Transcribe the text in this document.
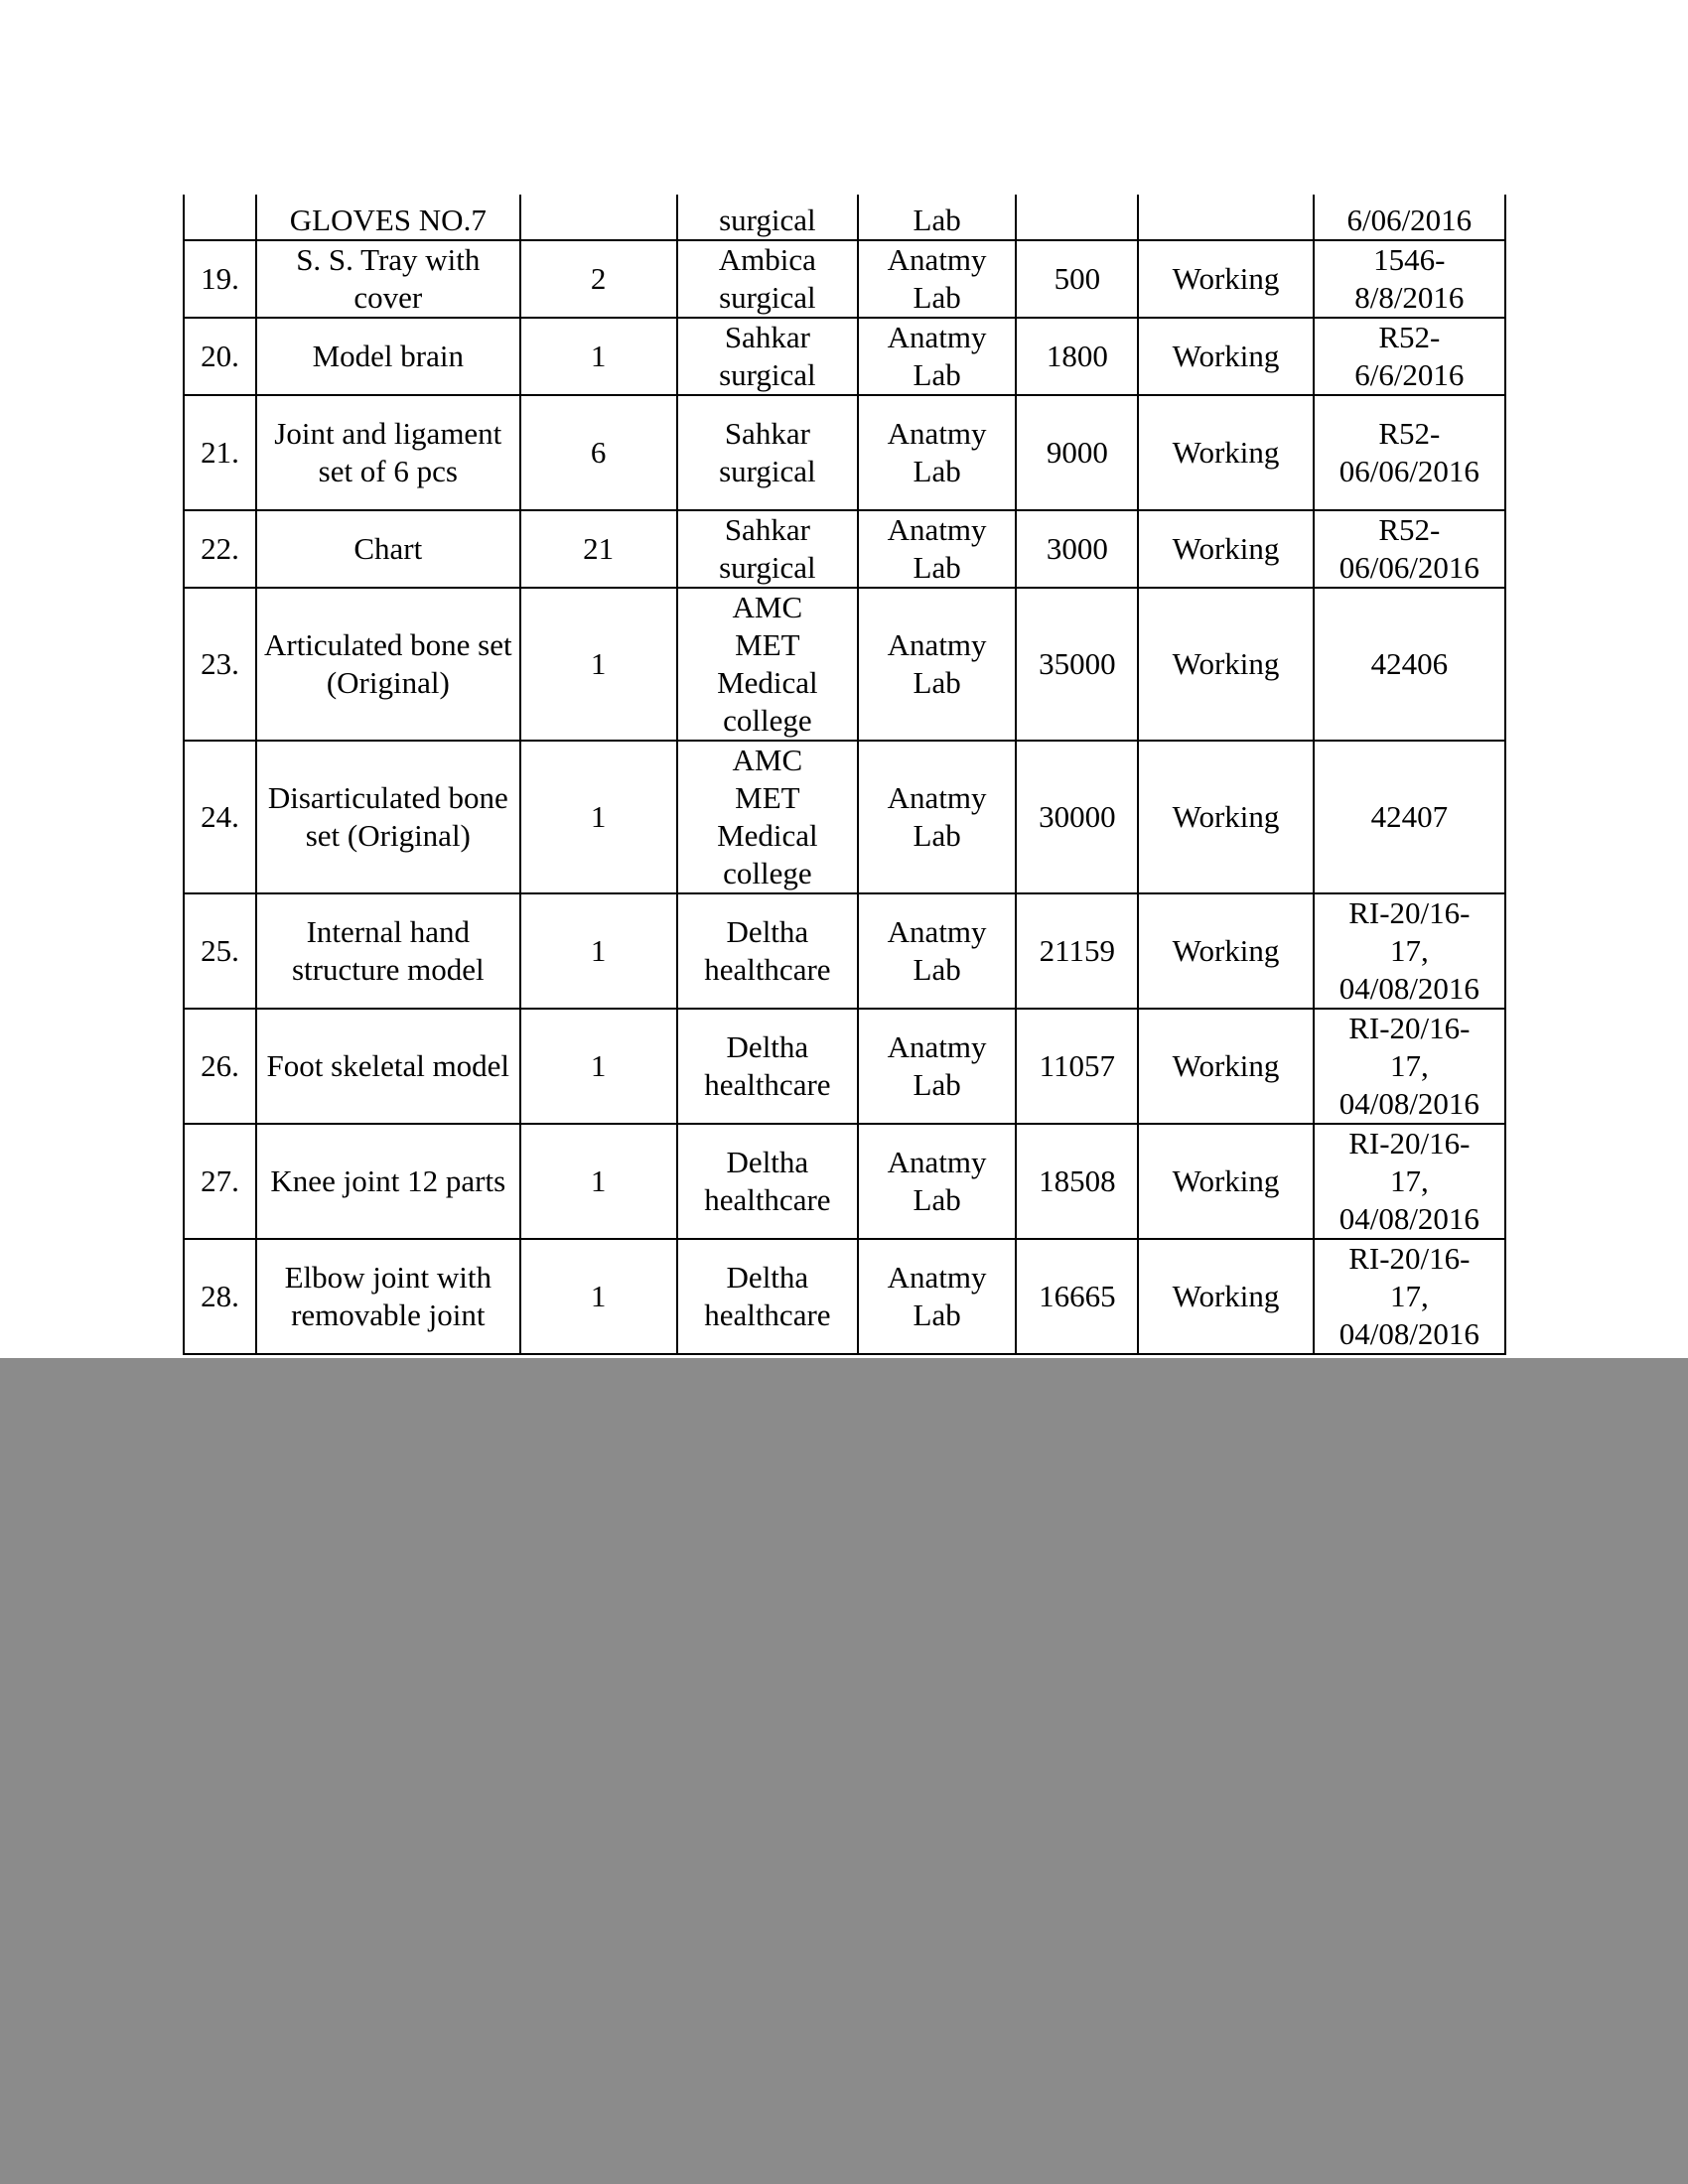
	GLOVES NO.7		surgical	Lab			6/06/2016
19.	S. S. Tray with cover	2	Ambica surgical	Anatmy Lab	500	Working	1546-
8/8/2016
20.	Model brain	1	Sahkar surgical	Anatmy Lab	1800	Working	R52-
6/6/2016
21.	Joint and ligament set of 6 pcs	6	Sahkar surgical	Anatmy Lab	9000	Working	R52-
06/06/2016
22.	Chart	21	Sahkar surgical	Anatmy Lab	3000	Working	R52-
06/06/2016
23.	Articulated bone set (Original)	1	AMC
MET
Medical
college	Anatmy Lab	35000	Working	42406
24.	Disarticulated bone set (Original)	1	AMC
MET
Medical
college	Anatmy Lab	30000	Working	42407
25.	Internal hand structure model	1	Deltha healthcare	Anatmy Lab	21159	Working	RI-20/16-
17,
04/08/2016
26.	Foot skeletal model	1	Deltha healthcare	Anatmy Lab	11057	Working	RI-20/16-
17,
04/08/2016
27.	Knee joint 12 parts	1	Deltha healthcare	Anatmy Lab	18508	Working	RI-20/16-
17,
04/08/2016
28.	Elbow joint with removable joint	1	Deltha healthcare	Anatmy Lab	16665	Working	RI-20/16-
17,
04/08/2016
